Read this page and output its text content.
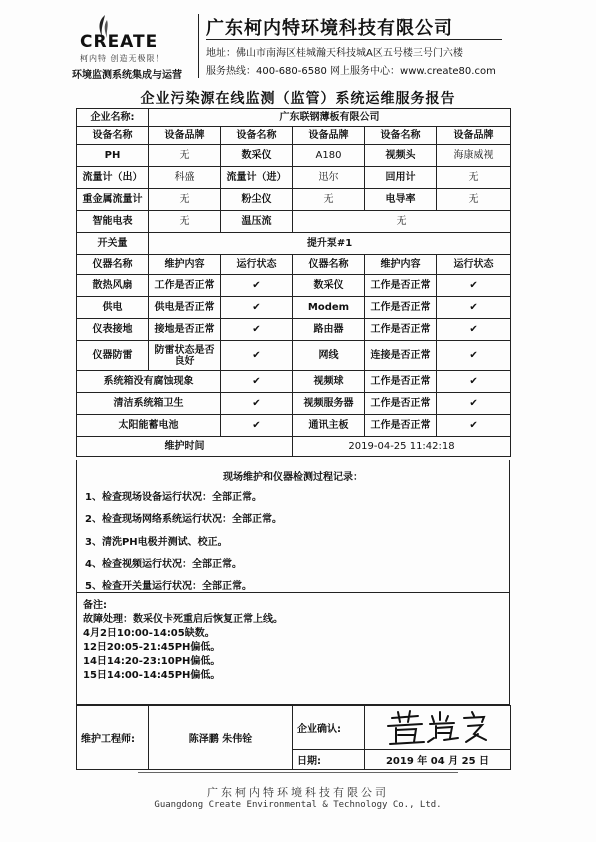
CREATE
柯内特 创造无极限！
环境监测系统集成与运营
广东柯内特环境科技有限公司
地址：佛山市南海区桂城瀚天科技城A区五号楼三号门六楼
服务热线：400-680-6580 网上服务中心：www.create80.com
企业污染源在线监测（监管）系统运维服务报告
企业名称:	广东联钢薄板有限公司				
设备名称	设备品牌	设备名称	设备品牌	设备名称	设备品牌
PH	无	数采仪	A180	视频头	海康威视
流量计（出）	科盛	流量计（进）	迅尔	回用计	无
重金属流量计	无	粉尘仪	无	电导率	无
智能电表	无	温压流	无		
开关量	提升泵#1				
仪器名称	维护内容	运行状态	仪器名称	维护内容	运行状态
散热风扇	工作是否正常	✔	数采仪	工作是否正常	✔
供电	供电是否正常	✔	Modem	工作是否正常	✔
仪表接地	接地是否正常	✔	路由器	工作是否正常	✔
仪器防雷	防雷状态是否良好	✔	网线	连接是否正常	✔
系统箱没有腐蚀现象		✔	视频球	工作是否正常	✔
清洁系统箱卫生		✔	视频服务器	工作是否正常	✔
太阳能蓄电池		✔	通讯主板	工作是否正常	✔
维护时间			2019-04-25 11:42:18		
现场维护和仪器检测过程记录：
1、检查现场设备运行状况：全部正常。
2、检查现场网络系统运行状况：全部正常。
3、清洗PH电极并测试、校正。
4、检查视频运行状况：全部正常。
5、检查开关量运行状况：全部正常。
备注:
故障处理：数采仪卡死重启后恢复正常上线。
4月2日10:00-14:05缺数。
12日20:05-21:45PH偏低。
14日14:20-23:10PH偏低。
15日14:00-14:45PH偏低。
维护工程师:	陈泽鹏 朱伟铨	企业确认:	
		日期:	2019 年 04 月 25 日
广东柯内特环境科技有限公司
Guangdong Create Environmental & Technology Co., Ltd.
